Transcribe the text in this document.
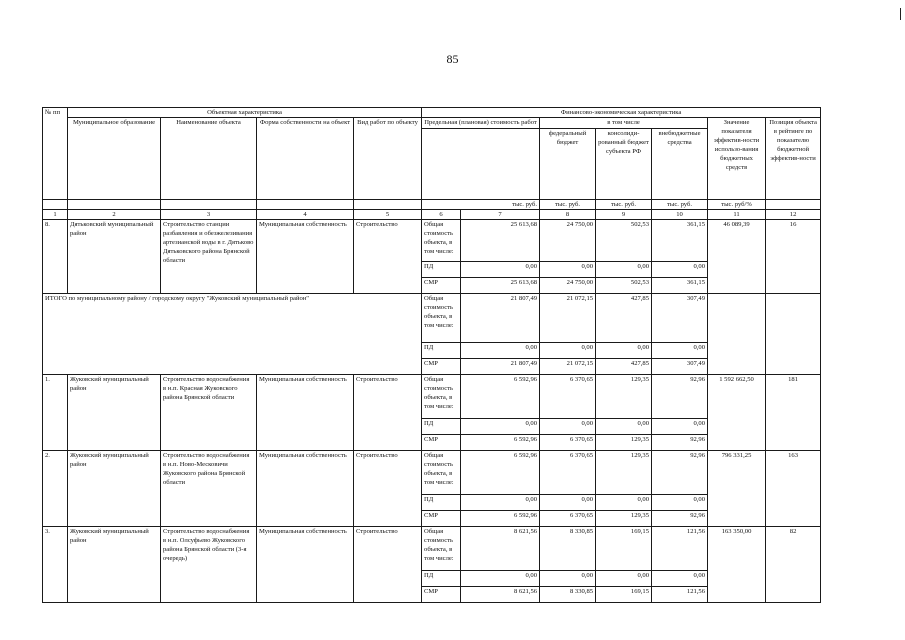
85
№ пп	Объектная характеристика				Финансово-экономическая характеристика						
	Муниципальное образование	Наименование объекта	Форма собственности на объект	Вид работ по объекту	Предельная (плановая) стоимость работ		в том числе			Значение показателя эффектив-ности использо-вания бюджетных средств	Позиция объекта в рейтинге по показателю бюджетной эффектив-ности
							федеральный бюджет	консолиди-рованный бюджет субъекта РФ	внебюджетные средства		
					тыс. руб.		тыс. руб.	тыс. руб.	тыс. руб.	тыс. руб/%	
1	2	3	4	5	6	7	8	9	10	11	12
8.	Дятьковский муниципальный район	Строительство станции разбавления и обезжелезивания артезианской воды в г. Дятьково Дятьковского района Брянской области	Муниципальная собственность	Строительство	Общая стоимость объекта, в том числе:	25 613,68	24 750,00	502,53	361,15	46 089,39	16
					ПД	0,00	0,00	0,00	0,00		
					СМР	25 613,68	24 750,00	502,53	361,15		
ИТОГО по муниципальному району / городскому округу "Жуковский муниципальный район"					Общая стоимость объекта, в том числе:	21 807,49	21 072,15	427,85	307,49		
					ПД	0,00	0,00	0,00	0,00		
					СМР	21 807,49	21 072,15	427,85	307,49		
1.	Жуковский муниципальный район	Строительство водоснабжения в н.п. Красная Жуковского района Брянской области	Муниципальная собственность	Строительство	Общая стоимость объекта, в том числе:	6 592,96	6 370,65	129,35	92,96	1 592 662,50	181
					ПД	0,00	0,00	0,00	0,00		
					СМР	6 592,96	6 370,65	129,35	92,96		
2.	Жуковский муниципальный район	Строительство водоснабжения в н.п. Ново-Месковичи Жуковского района Брянской области	Муниципальная собственность	Строительство	Общая стоимость объекта, в том числе:	6 592,96	6 370,65	129,35	92,96	796 331,25	163
					ПД	0,00	0,00	0,00	0,00		
					СМР	6 592,96	6 370,65	129,35	92,96		
3.	Жуковский муниципальный район	Строительство водоснабжения в н.п. Олсуфьево Жуковского района Брянской области (3-я очередь)	Муниципальная собственность	Строительство	Общая стоимость объекта, в том числе:	8 621,56	8 330,85	169,15	121,56	163 350,00	82
					ПД	0,00	0,00	0,00	0,00		
					СМР	8 621,56	8 330,85	169,15	121,56		
